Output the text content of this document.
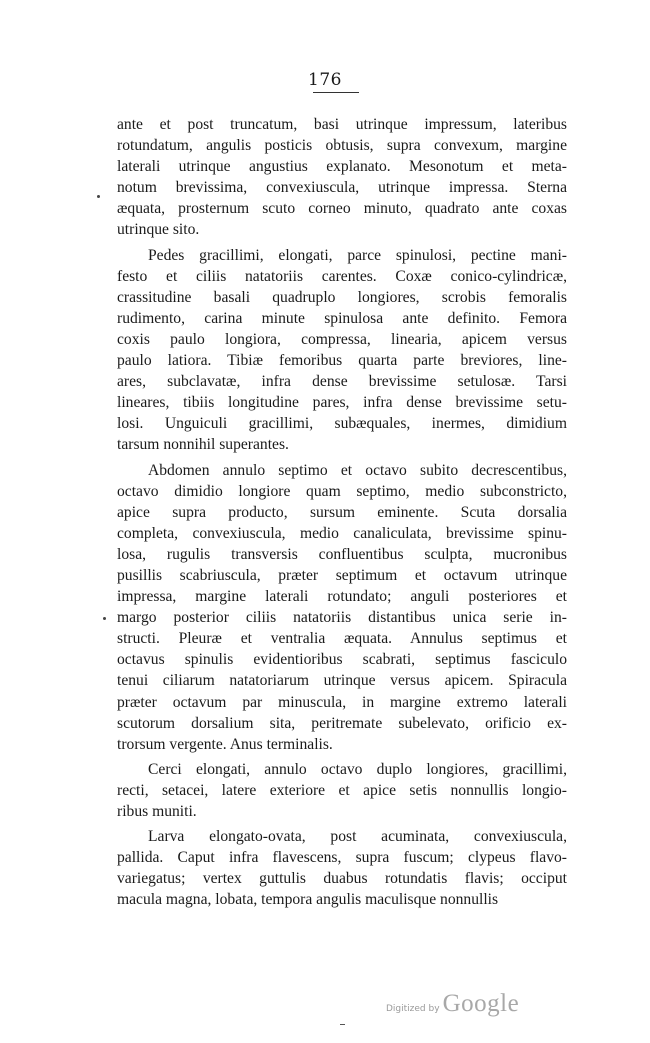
176
ante et post truncatum, basi utrinque impressum, lateribus
rotundatum, angulis posticis obtusis, supra convexum, margine
laterali utrinque angustius explanato. Mesonotum et meta-
notum brevissima, convexiuscula, utrinque impressa. Sterna
æquata, prosternum scuto corneo minuto, quadrato ante coxas
utrinque sito.
Pedes gracillimi, elongati, parce spinulosi, pectine mani-
festo et ciliis natatoriis carentes. Coxæ conico-cylindricæ,
crassitudine basali quadruplo longiores, scrobis femoralis
rudimento, carina minute spinulosa ante definito. Femora
coxis paulo longiora, compressa, linearia, apicem versus
paulo latiora. Tibiæ femoribus quarta parte breviores, line-
ares, subclavatæ, infra dense brevissime setulosæ. Tarsi
lineares, tibiis longitudine pares, infra dense brevissime setu-
losi. Unguiculi gracillimi, subæquales, inermes, dimidium
tarsum nonnihil superantes.
Abdomen annulo septimo et octavo subito decrescentibus,
octavo dimidio longiore quam septimo, medio subconstricto,
apice supra producto, sursum eminente. Scuta dorsalia
completa, convexiuscula, medio canaliculata, brevissime spinu-
losa, rugulis transversis confluentibus sculpta, mucronibus
pusillis scabriuscula, præter septimum et octavum utrinque
impressa, margine laterali rotundato; anguli posteriores et
margo posterior ciliis natatoriis distantibus unica serie in-
structi. Pleuræ et ventralia æquata. Annulus septimus et
octavus spinulis evidentioribus scabrati, septimus fasciculo
tenui ciliarum natatoriarum utrinque versus apicem. Spiracula
præter octavum par minuscula, in margine extremo laterali
scutorum dorsalium sita, peritremate subelevato, orificio ex-
trorsum vergente. Anus terminalis.
Cerci elongati, annulo octavo duplo longiores, gracillimi,
recti, setacei, latere exteriore et apice setis nonnullis longio-
ribus muniti.
Larva elongato-ovata, post acuminata, convexiuscula,
pallida. Caput infra flavescens, supra fuscum; clypeus flavo-
variegatus; vertex guttulis duabus rotundatis flavis; occiput
macula magna, lobata, tempora angulis maculisque nonnullis
Digitized by Google
